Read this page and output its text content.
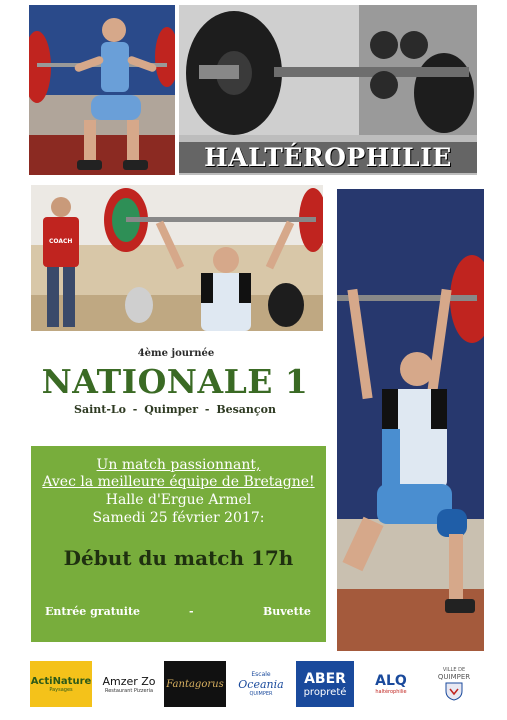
HALTÉROPHILIE
COACH
4ème journée
NATIONALE 1
Saint-Lo - Quimper - Besançon
Un match passionnant,
Avec la meilleure équipe de Bretagne!
Halle d'Ergue Armel
Samedi 25 février 2017:
Début du match 17h
Entrée gratuite	-	Buvette
ActiNature
Paysages
Amzer Zo
Restaurant Pizzeria
Fantagorus
Escale
Oceania
QUIMPER
ABER
propreté
ALQ
haltérophilie
VILLE DE
QUIMPER
